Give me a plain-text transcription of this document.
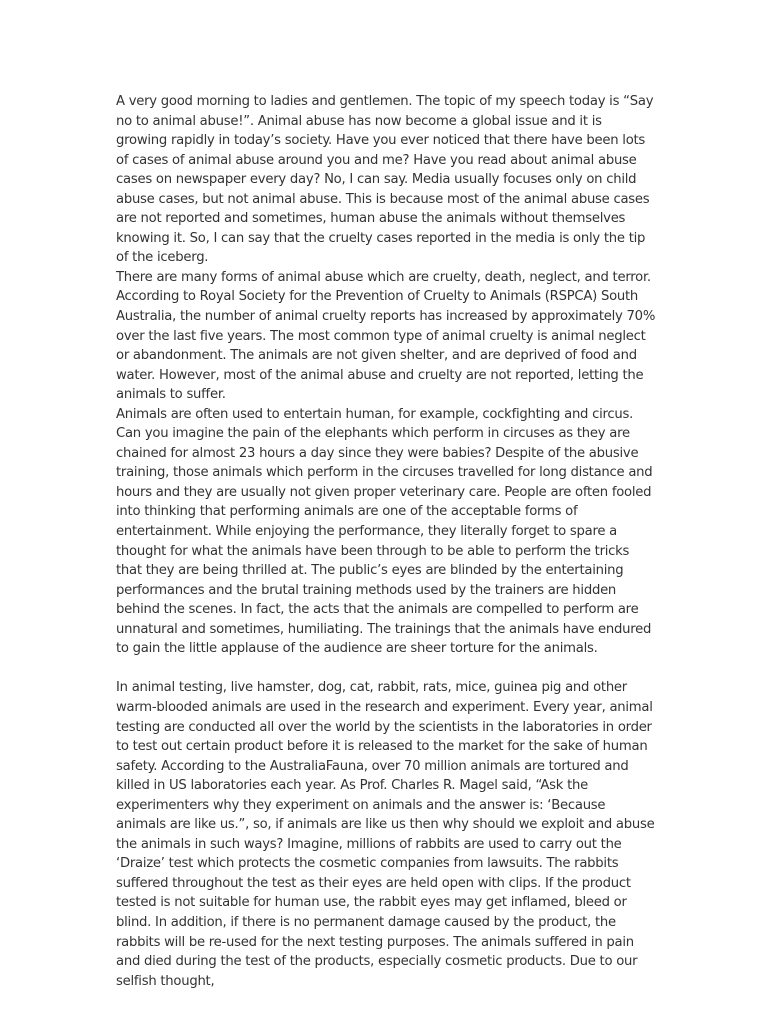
A very good morning to ladies and gentlemen. The topic of my speech today is “Say no to animal abuse!”. Animal abuse has now become a global issue and it is growing rapidly in today’s society. Have you ever noticed that there have been lots of cases of animal abuse around you and me? Have you read about animal abuse cases on newspaper every day? No, I can say. Media usually focuses only on child abuse cases, but not animal abuse. This is because most of the animal abuse cases are not reported and sometimes, human abuse the animals without themselves knowing it. So, I can say that the cruelty cases reported in the media is only the tip of the iceberg.

There are many forms of animal abuse which are cruelty, death, neglect, and terror. According to Royal Society for the Prevention of Cruelty to Animals (RSPCA) South Australia, the number of animal cruelty reports has increased by approximately 70% over the last five years. The most common type of animal cruelty is animal neglect or abandonment. The animals are not given shelter, and are deprived of food and water. However, most of the animal abuse and cruelty are not reported, letting the animals to suffer.

Animals are often used to entertain human, for example, cockfighting and circus. Can you imagine the pain of the elephants which perform in circuses as they are chained for almost 23 hours a day since they were babies? Despite of the abusive training, those animals which perform in the circuses travelled for long distance and hours and they are usually not given proper veterinary care. People are often fooled into thinking that performing animals are one of the acceptable forms of entertainment. While enjoying the performance, they literally forget to spare a thought for what the animals have been through to be able to perform the tricks that they are being thrilled at. The public’s eyes are blinded by the entertaining performances and the brutal training methods used by the trainers are hidden behind the scenes. In fact, the acts that the animals are compelled to perform are unnatural and sometimes, humiliating. The trainings that the animals have endured to gain the little applause of the audience are sheer torture for the animals.

In animal testing, live hamster, dog, cat, rabbit, rats, mice, guinea pig and other warm-blooded animals are used in the research and experiment. Every year, animal testing are conducted all over the world by the scientists in the laboratories in order to test out certain product before it is released to the market for the sake of human safety. According to the AustraliaFauna, over 70 million animals are tortured and killed in US laboratories each year. As Prof. Charles R. Magel said, “Ask the experimenters why they experiment on animals and the answer is: ‘Because animals are like us.”, so, if animals are like us then why should we exploit and abuse the animals in such ways? Imagine, millions of rabbits are used to carry out the ‘Draize’ test which protects the cosmetic companies from lawsuits. The rabbits suffered throughout the test as their eyes are held open with clips. If the product tested is not suitable for human use, the rabbit eyes may get inflamed, bleed or blind. In addition, if there is no permanent damage caused by the product, the rabbits will be re-used for the next testing purposes. The animals suffered in pain and died during the test of the products, especially cosmetic products. Due to our selfish thought,
